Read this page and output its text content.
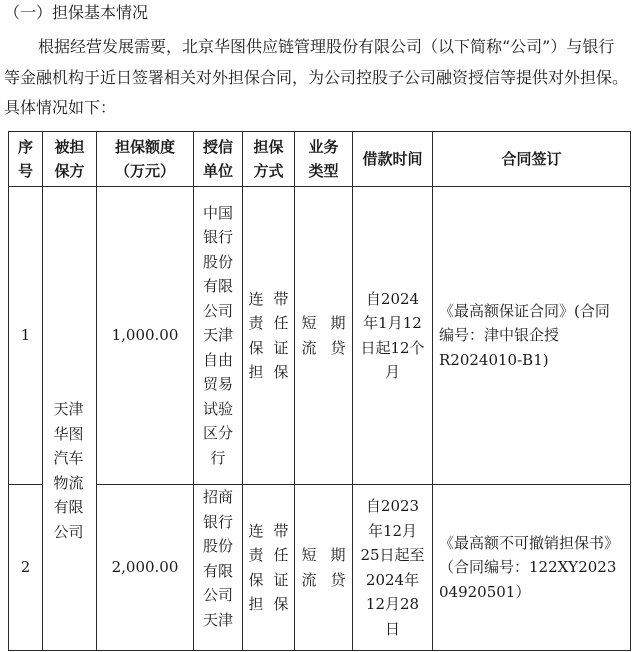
（一）担保基本情况
根据经营发展需要，北京华图供应链管理股份有限公司（以下简称“公司”）与银行等金融机构于近日签署相关对外担保合同，为公司控股子公司融资授信等提供对外担保。具体情况如下：
序号	被担保方	担保额度（万元）	授信单位	担保方式	业务类型	借款时间	合同签订

1	天津华图汽车物流有限公司	1,000.00	中国银行股份有限公司天津自由贸易试验区分行	连带责任保证担保	短期流贷	自2024年1月12日起12个月	《最高额保证合同》(合同编号：津中银企授R2024010-B1)

2		2,000.00	招商银行股份有限公司天津	连带责任保证担保	短期流贷	自2023年12月25日起至2024年12月28日	《最高额不可撤销担保书》（合同编号：122XY202304920501）
